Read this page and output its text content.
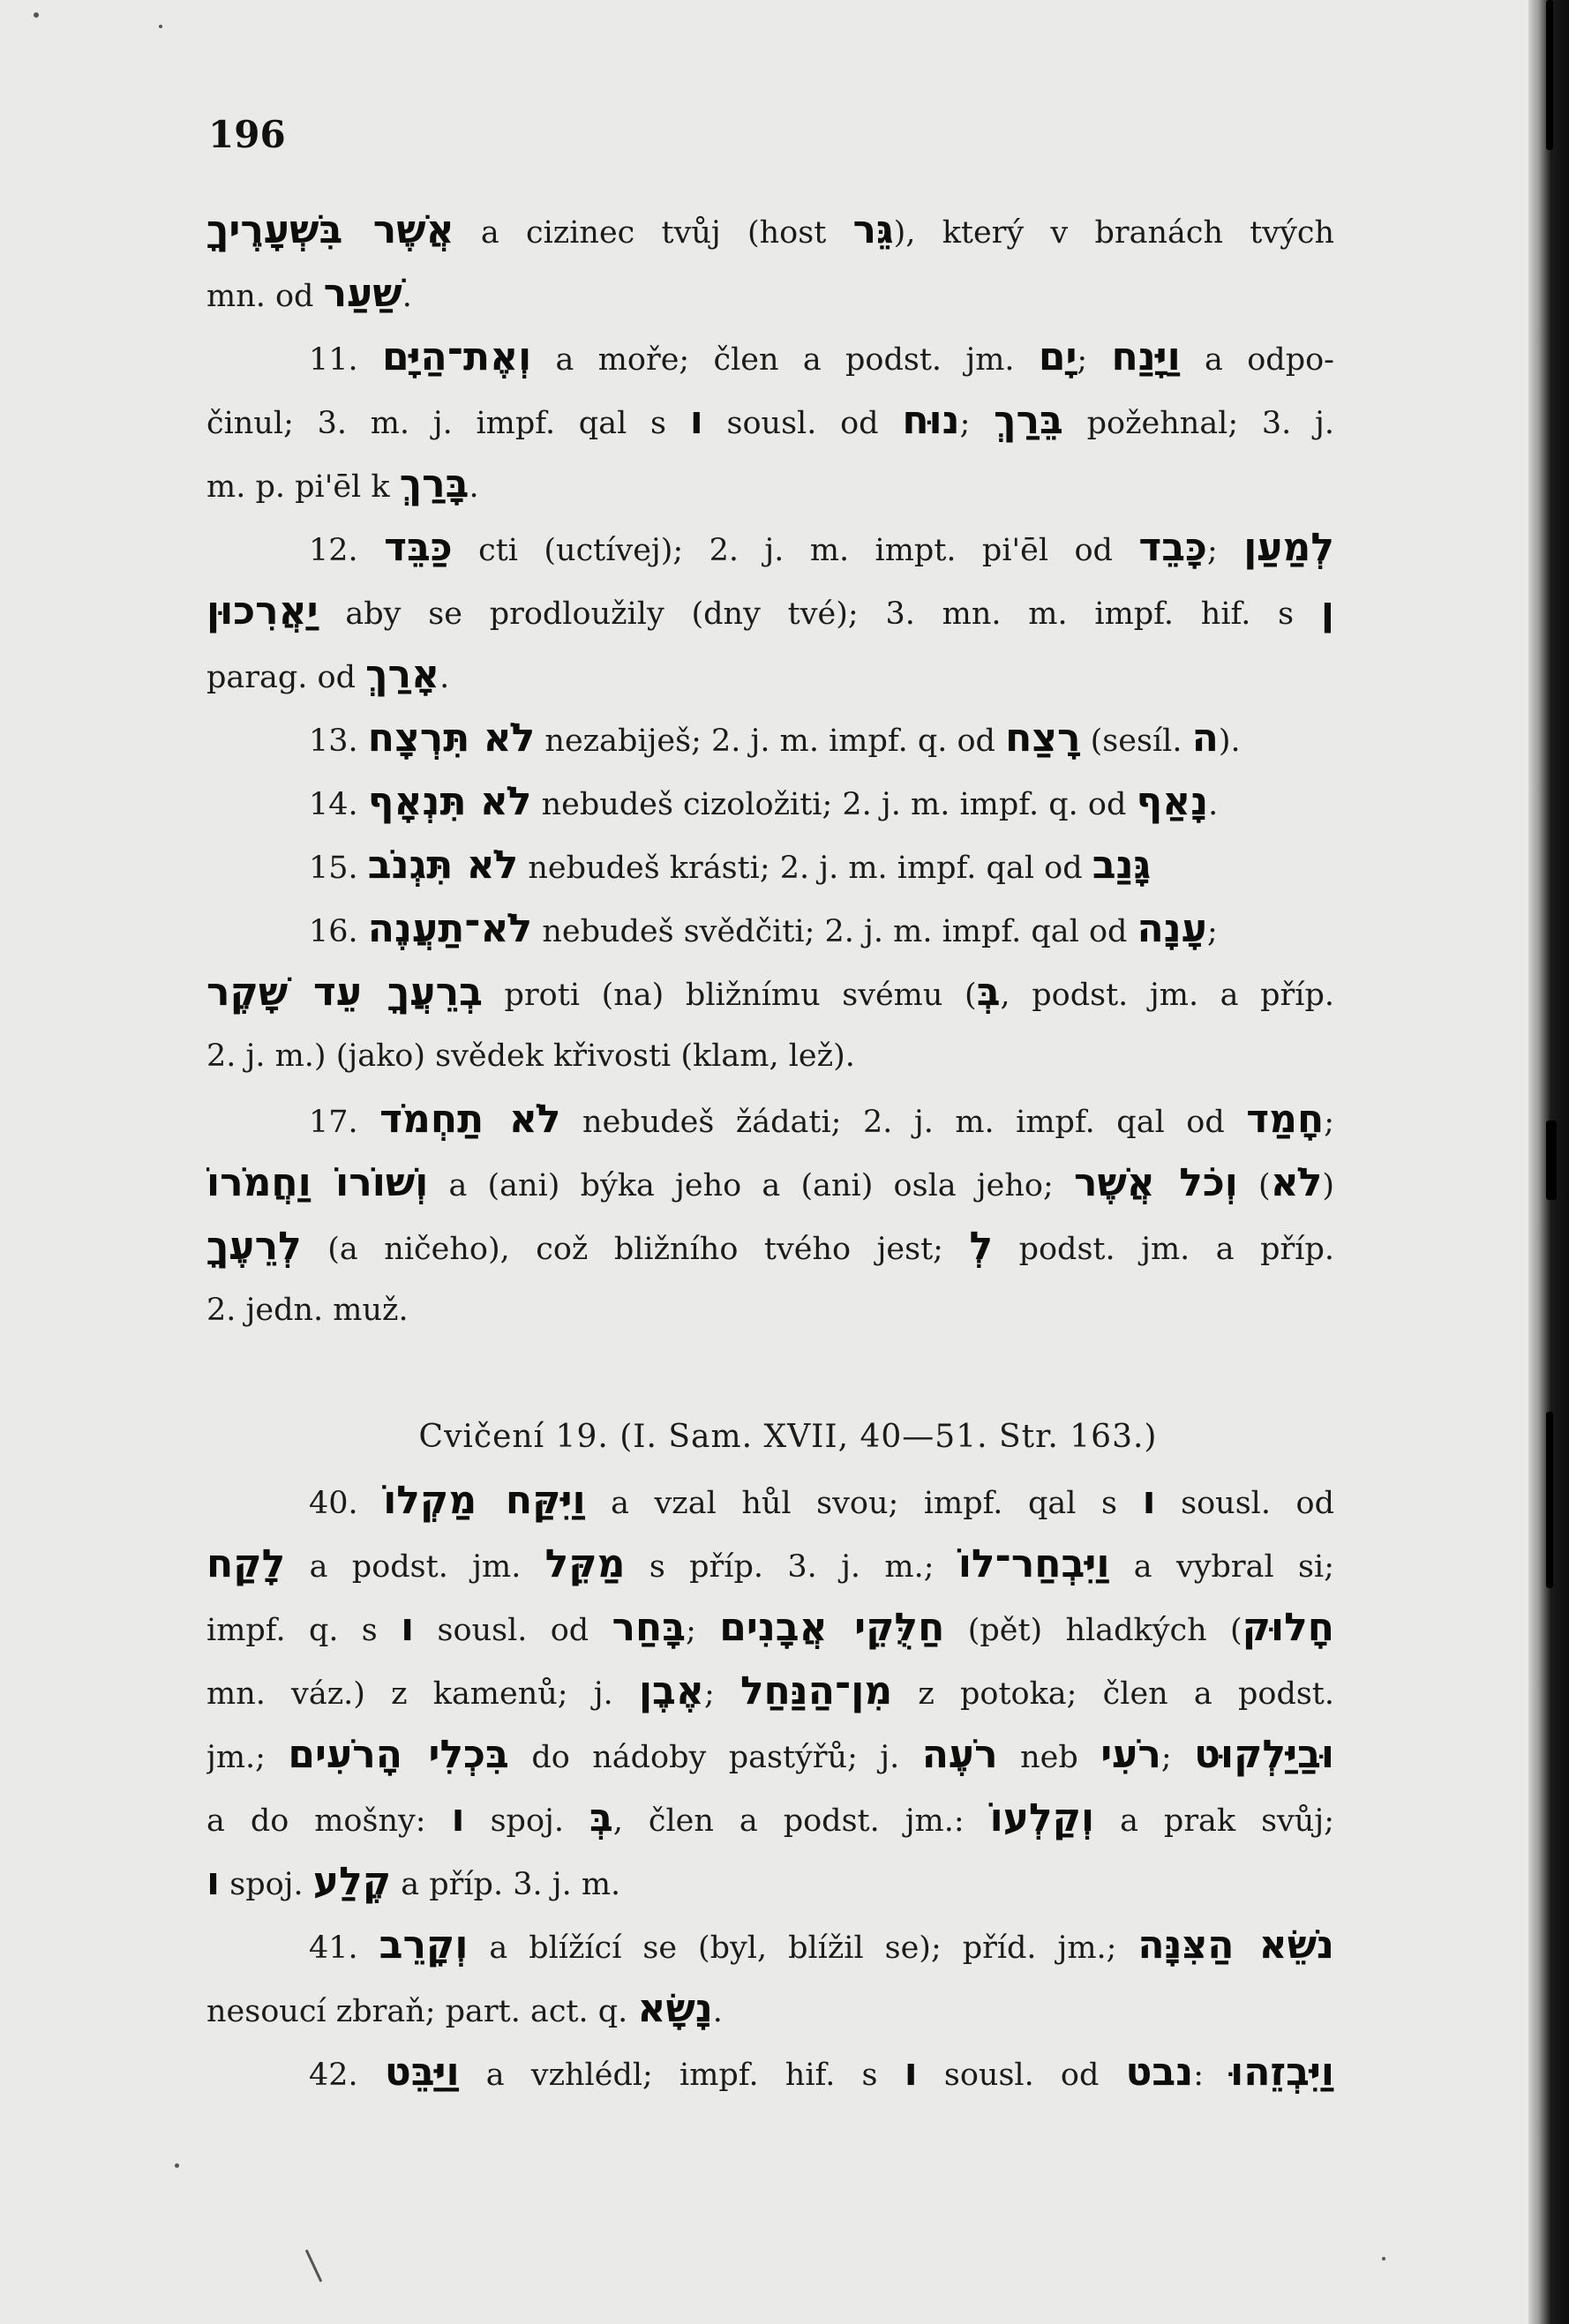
196
אֲשֶׁר בִּשְׁעָרֶיךָ a cizinec tvůj (host גֵּר), který v branách tvých
mn. od שַׁעַר.
11. וְאֶת־הַיָּם a moře; člen a podst. jm. יָם; וַיָּנַח a odpo-
činul; 3. m. j. impf. qal s ו sousl. od נוּח; בֵּרַךְ požehnal; 3. j.
m. p. pi'ēl k בָּרַךְ.
12. כַּבֵּד cti (uctívej); 2. j. m. impt. pi'ēl od כָּבֵד; לְמַעַן
יַאֲרִכוּן aby se prodloužily (dny tvé); 3. mn. m. impf. hif. s ן
parag. od אָרַךְ.
13. לֹא תִּרְצָח nezabiješ; 2. j. m. impf. q. od רָצַח (sesíl. ה).
14. לֹא תִּנְאָף nebudeš cizoložiti; 2. j. m. impf. q. od נָאַף.
15. לֹא תִּגְנֹב nebudeš krásti; 2. j. m. impf. qal od גָּנַב
16. לֹא־תַעֲנֶה nebudeš svědčiti; 2. j. m. impf. qal od עָנָה;
בְרֵעֲךָ עֵד שָׁקֶר proti (na) bližnímu svému (בְּ, podst. jm. a příp.
2. j. m.) (jako) svědek křivosti (klam, lež).
17. לֹא תַחְמֹד nebudeš žádati; 2. j. m. impf. qal od חָמַד;
וְשׁוֹרוֹ וַחֲמֹרוֹ a (ani) býka jeho a (ani) osla jeho; וְכֹל אֲשֶׁר (לֹא)
לְרֵעֶךָ (a ničeho), což bližního tvého jest; לְ podst. jm. a příp.
2. jedn. muž.
Cvičení 19. (I. Sam. XVII, 40—51. Str. 163.)
40. וַיִּקַּח מַקְלוֹ a vzal hůl svou; impf. qal s ו sousl. od
לָקַח a podst. jm. מַקֵּל s příp. 3. j. m.; וַיִּבְחַר־לוֹ a vybral si;
impf. q. s ו sousl. od בָּחַר; חַלֻּקֵי אֲבָנִים (pět) hladkých (חָלוּק
mn. váz.) z kamenů; j. אֶבֶן; מִן־הַנַּחַל z potoka; člen a podst.
jm.; בִּכְלִי הָרֹעִים do nádoby pastýřů; j. רֹעֶה neb רֹעִי; וּבַיַּלְקוּט
a do mošny: ו spoj. בְּ, člen a podst. jm.: וְקַלְעוֹ a prak svůj;
ו spoj. קֶלַע a příp. 3. j. m.
41. וְקָרֵב a blížící se (byl, blížil se); příd. jm.; נֹשֵׂא הַצִּנָּה
nesoucí zbraň; part. act. q. נָשָׂא.
42. וַיַּבֵּט a vzhlédl; impf. hif. s ו sousl. od נבט: וַיִּבְזֵהוּ
